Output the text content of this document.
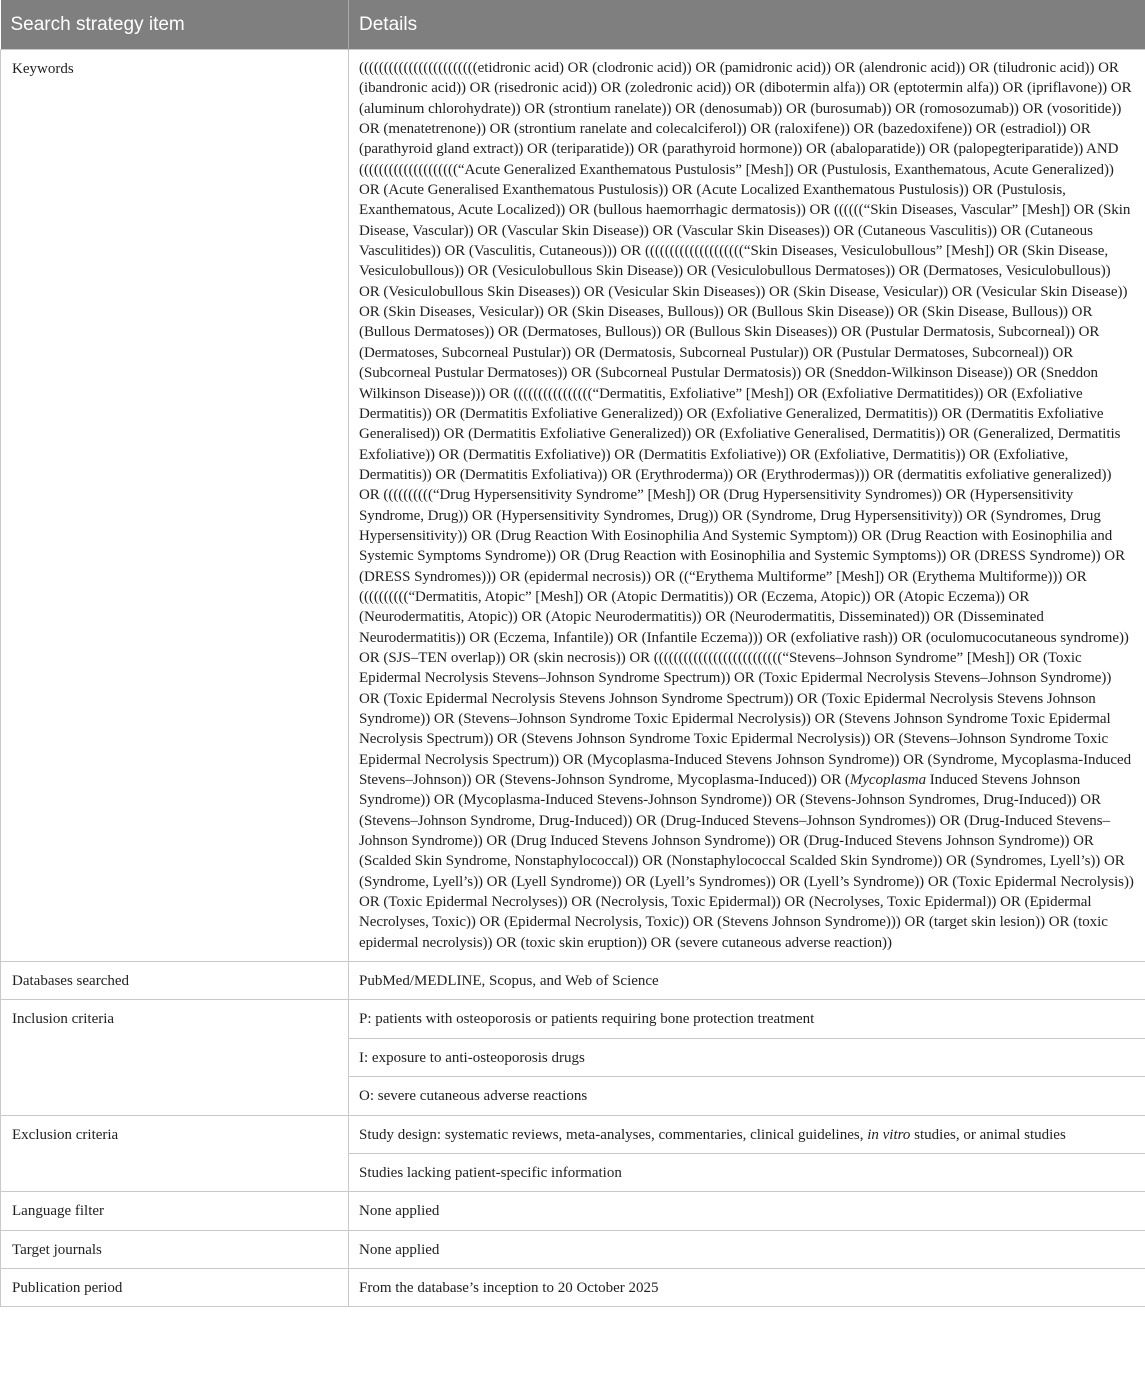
Search strategy item	Details
Keywords	((((((((((((((((((((((((etidronic acid) OR (clodronic acid)) OR (pamidronic acid)) OR (alendronic acid)) OR (tiludronic acid)) OR (ibandronic acid)) OR (risedronic acid)) OR (zoledronic acid)) OR (dibotermin alfa)) OR (eptotermin alfa)) OR (ipriflavone)) OR (aluminum chlorohydrate)) OR (strontium ranelate)) OR (denosumab)) OR (burosumab)) OR (romosozumab)) OR (vosoritide)) OR (menatetrenone)) OR (strontium ranelate and colecalciferol)) OR (raloxifene)) OR (bazedoxifene)) OR (estradiol)) OR (parathyroid gland extract)) OR (teriparatide)) OR (parathyroid hormone)) OR (abaloparatide)) OR (palopegteriparatide)) AND ((((((((((((((((((((“Acute Generalized Exanthematous Pustulosis” [Mesh]) OR (Pustulosis, Exanthematous, Acute Generalized)) OR (Acute Generalised Exanthematous Pustulosis)) OR (Acute Localized Exanthematous Pustulosis)) OR (Pustulosis, Exanthematous, Acute Localized)) OR (bullous haemorrhagic dermatosis)) OR ((((((“Skin Diseases, Vascular” [Mesh]) OR (Skin Disease, Vascular)) OR (Vascular Skin Disease)) OR (Vascular Skin Diseases)) OR (Cutaneous Vasculitis)) OR (Cutaneous Vasculitides)) OR (Vasculitis, Cutaneous))) OR ((((((((((((((((((((“Skin Diseases, Vesiculobullous” [Mesh]) OR (Skin Disease, Vesiculobullous)) OR (Vesiculobullous Skin Disease)) OR (Vesiculobullous Dermatoses)) OR (Dermatoses, Vesiculobullous)) OR (Vesiculobullous Skin Diseases)) OR (Vesicular Skin Diseases)) OR (Skin Disease, Vesicular)) OR (Vesicular Skin Disease)) OR (Skin Diseases, Vesicular)) OR (Skin Diseases, Bullous)) OR (Bullous Skin Disease)) OR (Skin Disease, Bullous)) OR (Bullous Dermatoses)) OR (Dermatoses, Bullous)) OR (Bullous Skin Diseases)) OR (Pustular Dermatosis, Subcorneal)) OR (Dermatoses, Subcorneal Pustular)) OR (Dermatosis, Subcorneal Pustular)) OR (Pustular Dermatoses, Subcorneal)) OR (Subcorneal Pustular Dermatoses)) OR (Subcorneal Pustular Dermatosis)) OR (Sneddon-Wilkinson Disease)) OR (Sneddon Wilkinson Disease))) OR ((((((((((((((((“Dermatitis, Exfoliative” [Mesh]) OR (Exfoliative Dermatitides)) OR (Exfoliative Dermatitis)) OR (Dermatitis Exfoliative Generalized)) OR (Exfoliative Generalized, Dermatitis)) OR (Dermatitis Exfoliative Generalised)) OR (Dermatitis Exfoliative Generalized)) OR (Exfoliative Generalised, Dermatitis)) OR (Generalized, Dermatitis Exfoliative)) OR (Dermatitis Exfoliative)) OR (Dermatitis Exfoliative)) OR (Exfoliative, Dermatitis)) OR (Exfoliative, Dermatitis)) OR (Dermatitis Exfoliativa)) OR (Erythroderma)) OR (Erythrodermas))) OR (dermatitis exfoliative generalized)) OR ((((((((((“Drug Hypersensitivity Syndrome” [Mesh]) OR (Drug Hypersensitivity Syndromes)) OR (Hypersensitivity Syndrome, Drug)) OR (Hypersensitivity Syndromes, Drug)) OR (Syndrome, Drug Hypersensitivity)) OR (Syndromes, Drug Hypersensitivity)) OR (Drug Reaction With Eosinophilia And Systemic Symptom)) OR (Drug Reaction with Eosinophilia and Systemic Symptoms Syndrome)) OR (Drug Reaction with Eosinophilia and Systemic Symptoms)) OR (DRESS Syndrome)) OR (DRESS Syndromes))) OR (epidermal necrosis)) OR ((“Erythema Multiforme” [Mesh]) OR (Erythema Multiforme))) OR ((((((((((“Dermatitis, Atopic” [Mesh]) OR (Atopic Dermatitis)) OR (Eczema, Atopic)) OR (Atopic Eczema)) OR (Neurodermatitis, Atopic)) OR (Atopic Neurodermatitis)) OR (Neurodermatitis, Disseminated)) OR (Disseminated Neurodermatitis)) OR (Eczema, Infantile)) OR (Infantile Eczema))) OR (exfoliative rash)) OR (oculomucocutaneous syndrome)) OR (SJS–TEN overlap)) OR (skin necrosis)) OR ((((((((((((((((((((((((((“Stevens–Johnson Syndrome” [Mesh]) OR (Toxic Epidermal Necrolysis Stevens–Johnson Syndrome Spectrum)) OR (Toxic Epidermal Necrolysis Stevens–Johnson Syndrome)) OR (Toxic Epidermal Necrolysis Stevens Johnson Syndrome Spectrum)) OR (Toxic Epidermal Necrolysis Stevens Johnson Syndrome)) OR (Stevens–Johnson Syndrome Toxic Epidermal Necrolysis)) OR (Stevens Johnson Syndrome Toxic Epidermal Necrolysis Spectrum)) OR (Stevens Johnson Syndrome Toxic Epidermal Necrolysis)) OR (Stevens–Johnson Syndrome Toxic Epidermal Necrolysis Spectrum)) OR (Mycoplasma-Induced Stevens Johnson Syndrome)) OR (Syndrome, Mycoplasma-Induced Stevens–Johnson)) OR (Stevens-Johnson Syndrome, Mycoplasma-Induced)) OR (Mycoplasma Induced Stevens Johnson Syndrome)) OR (Mycoplasma-Induced Stevens-Johnson Syndrome)) OR (Stevens-Johnson Syndromes, Drug-Induced)) OR (Stevens–Johnson Syndrome, Drug-Induced)) OR (Drug-Induced Stevens–Johnson Syndromes)) OR (Drug-Induced Stevens–Johnson Syndrome)) OR (Drug Induced Stevens Johnson Syndrome)) OR (Drug-Induced Stevens Johnson Syndrome)) OR (Scalded Skin Syndrome, Nonstaphylococcal)) OR (Nonstaphylococcal Scalded Skin Syndrome)) OR (Syndromes, Lyell’s)) OR (Syndrome, Lyell’s)) OR (Lyell Syndrome)) OR (Lyell’s Syndromes)) OR (Lyell’s Syndrome)) OR (Toxic Epidermal Necrolysis)) OR (Toxic Epidermal Necrolyses)) OR (Necrolysis, Toxic Epidermal)) OR (Necrolyses, Toxic Epidermal)) OR (Epidermal Necrolyses, Toxic)) OR (Epidermal Necrolysis, Toxic)) OR (Stevens Johnson Syndrome))) OR (target skin lesion)) OR (toxic epidermal necrolysis)) OR (toxic skin eruption)) OR (severe cutaneous adverse reaction))
Databases searched	PubMed/MEDLINE, Scopus, and Web of Science
Inclusion criteria	P: patients with osteoporosis or patients requiring bone protection treatment
	I: exposure to anti-osteoporosis drugs
	O: severe cutaneous adverse reactions
Exclusion criteria	Study design: systematic reviews, meta-analyses, commentaries, clinical guidelines, in vitro studies, or animal studies
	Studies lacking patient-specific information
Language filter	None applied
Target journals	None applied
Publication period	From the database’s inception to 20 October 2025
